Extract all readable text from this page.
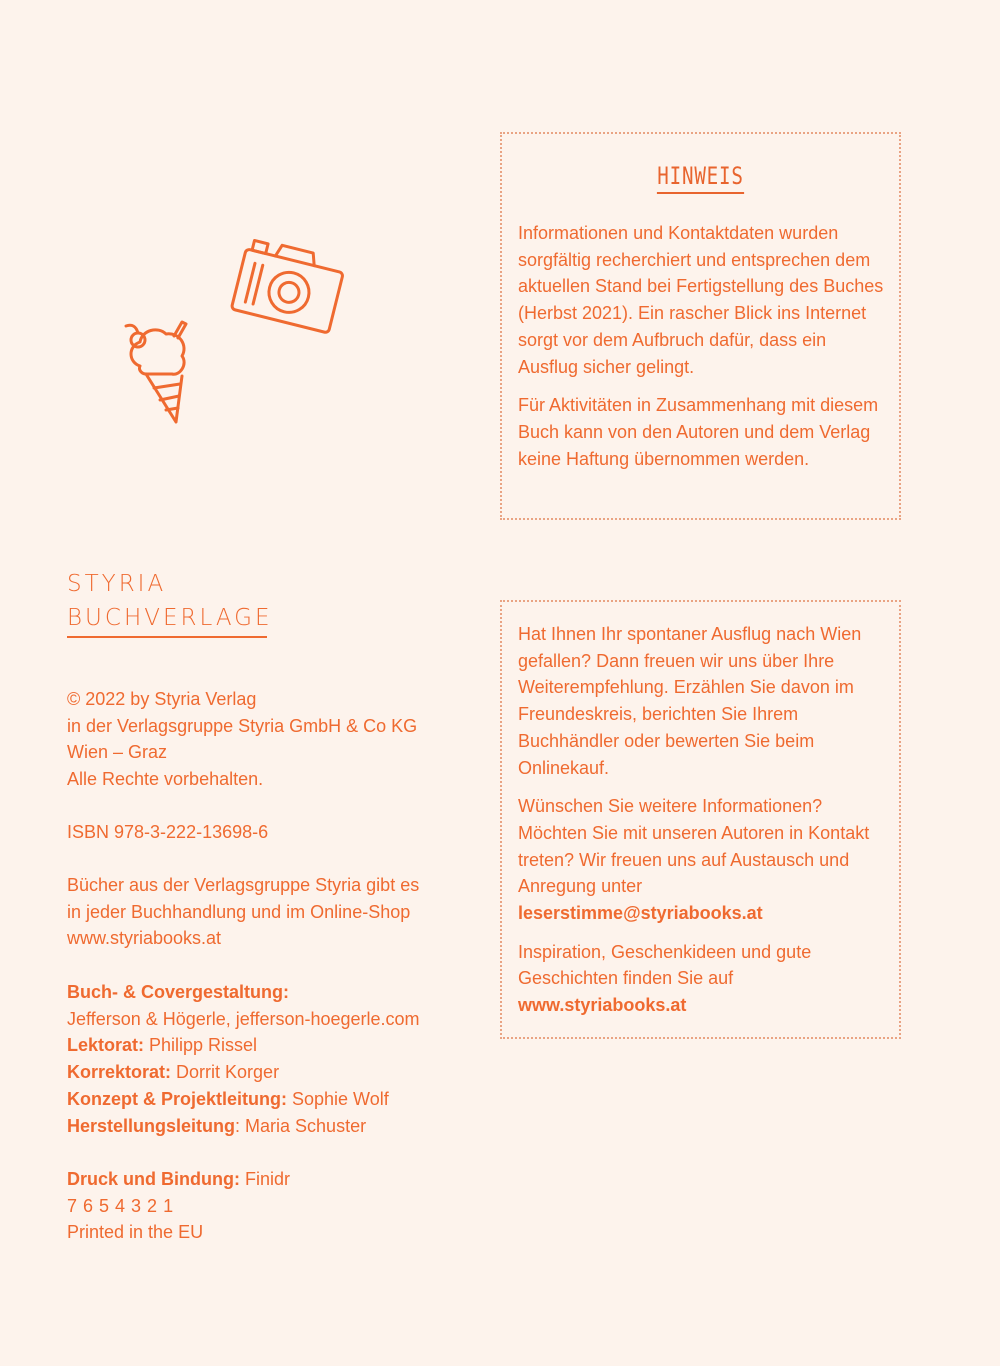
HINWEIS

Informationen und Kontaktdaten wurden sorgfältig recherchiert und entsprechen dem aktuellen Stand bei Fertigstellung des Buches (Herbst 2021). Ein rascher Blick ins Internet sorgt vor dem Aufbruch dafür, dass ein Ausflug sicher gelingt.

Für Aktivitäten in Zusammenhang mit diesem Buch kann von den Autoren und dem Verlag keine Haftung übernommen werden.

Hat Ihnen Ihr spontaner Ausflug nach Wien gefallen? Dann freuen wir uns über Ihre Weiterempfehlung. Erzählen Sie davon im Freundeskreis, berichten Sie Ihrem Buchhändler oder bewerten Sie beim Onlinekauf.

Wünschen Sie weitere Informationen? Möchten Sie mit unseren Autoren in Kontakt treten? Wir freuen uns auf Austausch und Anregung unter leserstimme@styriabooks.at

Inspiration, Geschenkideen und gute Geschichten finden Sie auf www.styriabooks.at

STYRIA
BUCHVERLAGE
© 2022 by Styria Verlag
in der Verlagsgruppe Styria GmbH & Co KG
Wien – Graz
Alle Rechte vorbehalten.
ISBN 978-3-222-13698-6
Bücher aus der Verlagsgruppe Styria gibt es
in jeder Buchhandlung und im Online-Shop
www.styriabooks.at
Buch- & Covergestaltung:
Jefferson & Högerle, jefferson-hoegerle.com
Lektorat: Philipp Rissel
Korrektorat: Dorrit Korger
Konzept & Projektleitung: Sophie Wolf
Herstellungsleitung: Maria Schuster
Druck und Bindung: Finidr
7 6 5 4 3 2 1
Printed in the EU
